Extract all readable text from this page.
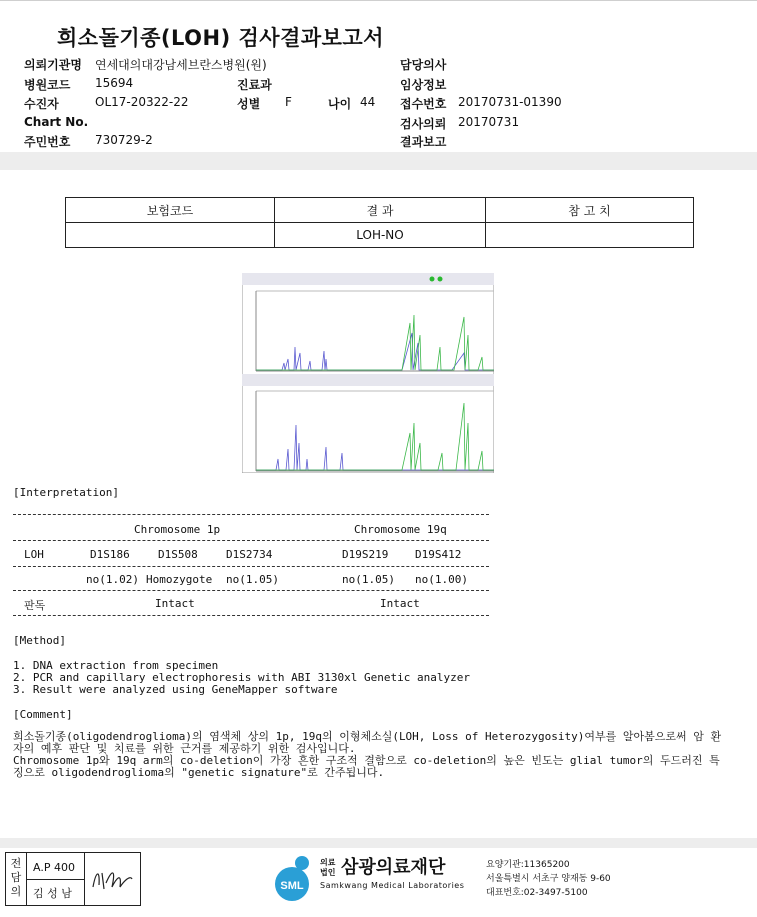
희소돌기종(LOH) 검사결과보고서
의뢰기관명 연세대의대강남세브란스병원(원)
병원코드 15694
수진자	OL17-20322-22
Chart No.
주민번호 730729-2
진료과
성별 F	나이 44
담당의사
임상정보
접수번호 20170731-01390
검사의뢰 20170731
결과보고
보험코드	결 과	참 고 치
	LOH-NO	
[Interpretation]
Chromosome 1p	Chromosome 19q
LOH	D1S186	D1S508	D1S2734	D19S219 D19S412
no(1.02) Homozygote no(1.05)	no(1.05) no(1.00)
판독	Intact	Intact
[Method]
1. DNA extraction from specimen
2. PCR and capillary electrophoresis with ABI 3130xl Genetic analyzer
3. Result were analyzed using GeneMapper software
[Comment]
희소돌기종(oligodendroglioma)의 염색체 상의 1p, 19q의 이형체소실(LOH, Loss of Heterozygosity)여부를 알아봄으로써 암 환
자의 예후 판단 및 치료를 위한 근거를 제공하기 위한 검사입니다.
Chromosome 1p와 19q arm의 co-deletion이 가장 흔한 구조적 결함으로 co-deletion의 높은 빈도는 glial tumor의 두드러진 특
징으로 oligodendroglioma의 "genetic signature"로 간주됩니다.
전담의
A.P 400
김 성 남
SML
의료
법인 삼광의료재단
Samkwang Medical Laboratories
요양기관:11365200
서울특별시 서초구 양재동 9-60
대표번호:02-3497-5100
